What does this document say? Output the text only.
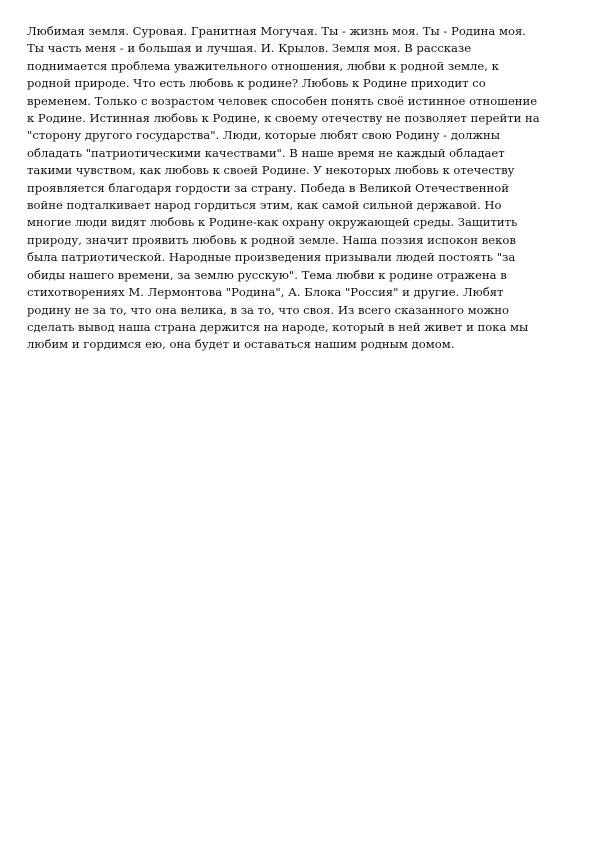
Любимая земля. Суровая. Гранитная Могучая. Ты - жизнь моя. Ты - Родина моя.
Ты часть меня - и большая и лучшая. И. Крылов. Земля моя. В рассказе
поднимается проблема уважительного отношения, любви к родной земле, к
родной природе. Что есть любовь к родине? Любовь к Родине приходит со
временем. Только с возрастом человек способен понять своё истинное отношение
к Родине. Истинная любовь к Родине, к своему отечеству не позволяет перейти на
"сторону другого государства". Люди, которые любят свою Родину - должны
обладать "патриотическими качествами". В наше время не каждый обладает
такими чувством, как любовь к своей Родине. У некоторых любовь к отечеству
проявляется благодаря гордости за страну. Победа в Великой Отечественной
войне подталкивает народ гордиться этим, как самой сильной державой. Но
многие люди видят любовь к Родине-как охрану окружающей среды. Защитить
природу, значит проявить любовь к родной земле. Наша поэзия испокон веков
была патриотической. Народные произведения призывали людей постоять "за
обиды нашего времени, за землю русскую". Тема любви к родине отражена в
стихотворениях М. Лермонтова "Родина", А. Блока "Россия" и другие. Любят
родину не за то, что она велика, в за то, что своя. Из всего сказанного можно
сделать вывод наша страна держится на народе, который в ней живет и пока мы
любим и гордимся ею, она будет и оставаться нашим родным домом.
